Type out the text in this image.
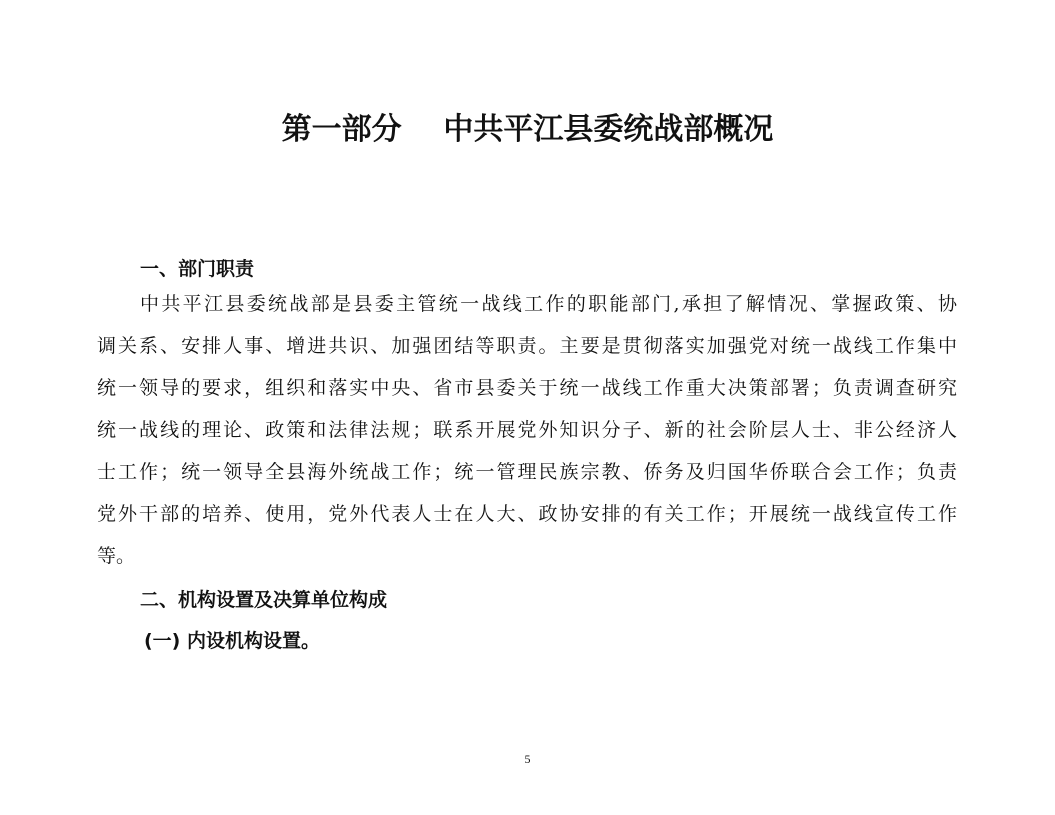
第一部分    中共平江县委统战部概况
一、部门职责
中共平江县委统战部是县委主管统一战线工作的职能部门,承担了解情况、掌握政策、协
调关系、安排人事、增进共识、加强团结等职责。主要是贯彻落实加强党对统一战线工作集中
统一领导的要求，组织和落实中央、省市县委关于统一战线工作重大决策部署；负责调查研究
统一战线的理论、政策和法律法规；联系开展党外知识分子、新的社会阶层人士、非公经济人
士工作；统一领导全县海外统战工作；统一管理民族宗教、侨务及归国华侨联合会工作；负责
党外干部的培养、使用，党外代表人士在人大、政协安排的有关工作；开展统一战线宣传工作
等。
二、机构设置及决算单位构成
(一) 内设机构设置。
5
